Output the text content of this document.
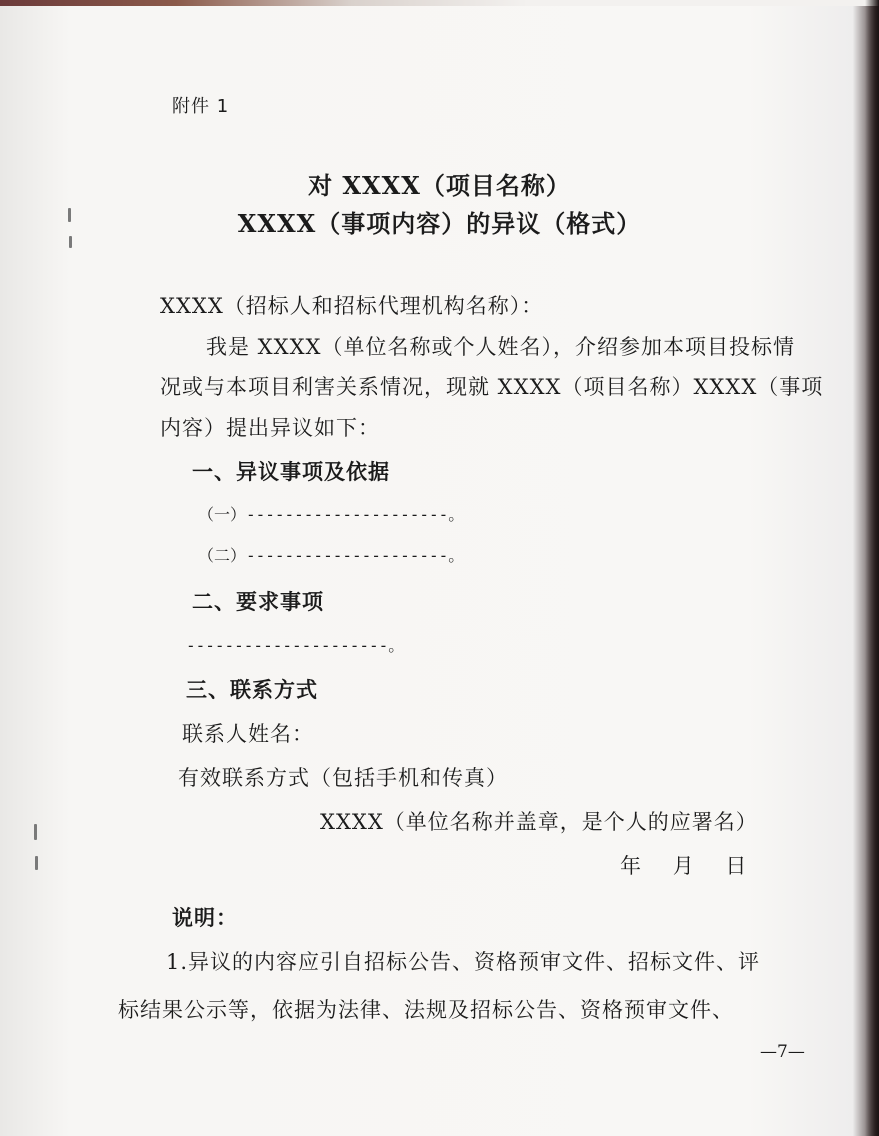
附件 1
对 XXXX（项目名称）
XXXX（事项内容）的异议（格式）
XXXX（招标人和招标代理机构名称）：
我是 XXXX（单位名称或个人姓名），介绍参加本项目投标情
况或与本项目利害关系情况，现就 XXXX（项目名称）XXXX（事项
内容）提出异议如下：
一、异议事项及依据
（一）---------------------。
（二）---------------------。
二、要求事项
---------------------。
三、联系方式
联系人姓名：
有效联系方式（包括手机和传真）
XXXX（单位名称并盖章，是个人的应署名）
年    月    日
说明：
1.异议的内容应引自招标公告、资格预审文件、招标文件、评
标结果公示等，依据为法律、法规及招标公告、资格预审文件、
—7—
